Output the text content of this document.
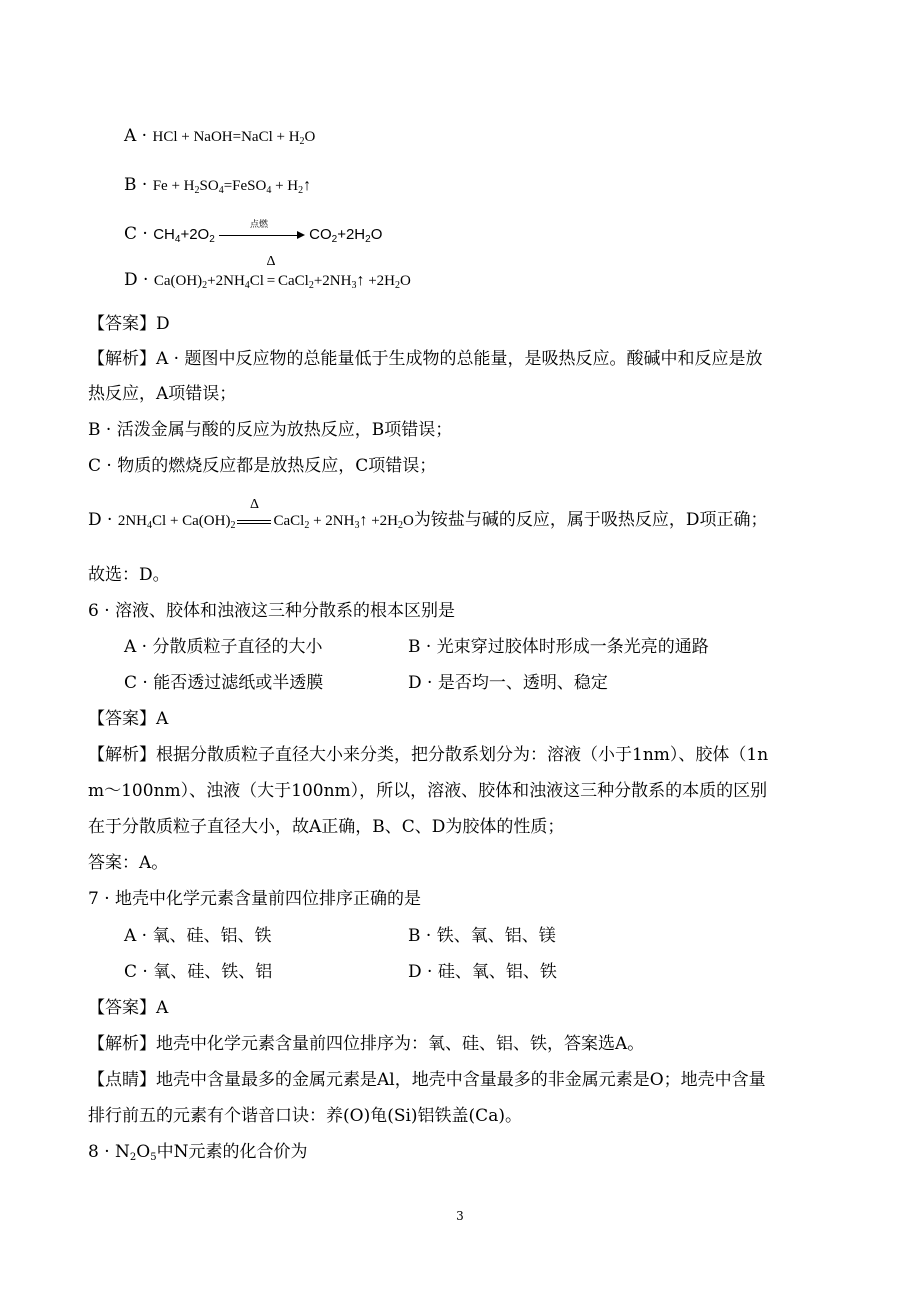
A · HCl + NaOH=NaCl + $H_2O$
$B \cdot Fe + H_2SO_4=FeSO_4$ + $H_2↑$
$C \cdot CH_4+2O_2$
点燃
$CO_2+2H_2O$
$D \cdot Ca(OH)_2+2NH_4Cl$
Δ
= $CaCl_2+2NH_3↑ +2H_2O$
【答案】D
【解析】A · 题图中反应物的总能量低于生成物的总能量，是吸热反应。酸碱中和反应是放
热反应，A项错误；
B · 活泼金属与酸的反应为放热反应，B项错误；
C · 物质的燃烧反应都是放热反应，C项错误；
$D \cdot 2NH_4Cl + Ca(OH)_2$
Δ
CaCl$_2$ + $2NH_3↑ +2H_2O$为铵盐与碱的反应，属于吸热反应，D项正确；
故选：D。
6 · 溶液、胶体和浊液这三种分散系的根本区别是
A · 分散质粒子直径的大小	B · 光束穿过胶体时形成一条光亮的通路
C · 能否透过滤纸或半透膜	D · 是否均一、透明、稳定
【答案】A
【解析】根据分散质粒子直径大小来分类，把分散系划分为：溶液（小于1nm）、胶体（1n
m～100nm）、浊液（大于100nm），所以，溶液、胶体和浊液这三种分散系的本质的区别
在于分散质粒子直径大小，故A正确，B、C、D为胶体的性质；
答案：A。
7 · 地壳中化学元素含量前四位排序正确的是
A · 氧、硅、铝、铁	B · 铁、氧、铝、镁
C · 氧、硅、铁、铝	D · 硅、氧、铝、铁
【答案】A
【解析】地壳中化学元素含量前四位排序为：氧、硅、铝、铁，答案选A。
【点睛】地壳中含量最多的金属元素是Al，地壳中含量最多的非金属元素是O；地壳中含量
排行前五的元素有个谐音口诀：养(O)龟(Si)铝铁盖(Ca)。
$8 \cdot N_2O_5$中N元素的化合价为
3
